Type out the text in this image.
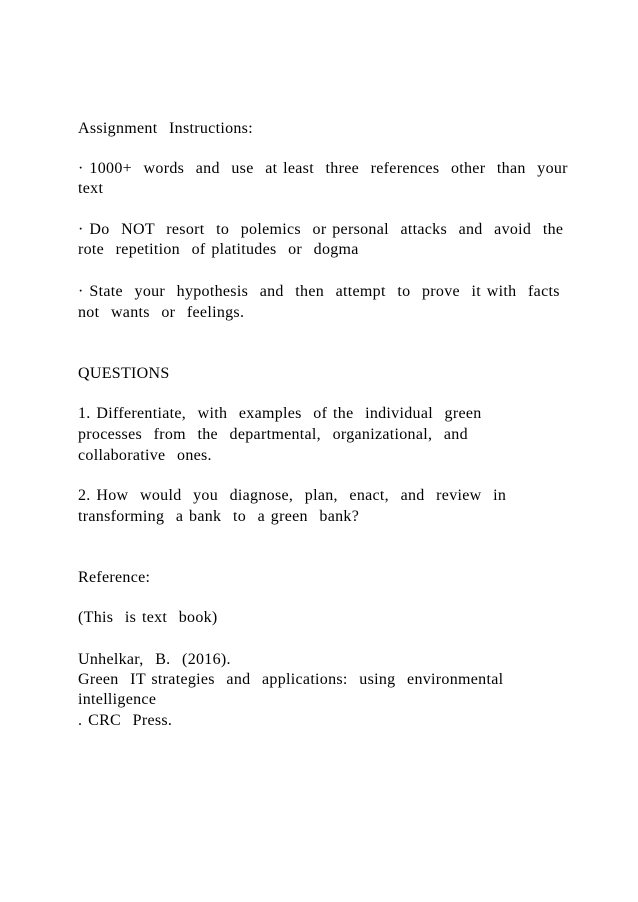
Assignment  Instructions:

· 1000+  words  and  use  at least  three  references  other  than  your

text

· Do  NOT  resort  to  polemics  or personal  attacks  and  avoid  the

rote  repetition  of platitudes  or  dogma

· State  your  hypothesis  and  then  attempt  to  prove  it with  facts

not  wants  or  feelings.

QUESTIONS

1. Differentiate,  with  examples  of the  individual  green

processes  from  the  departmental,  organizational,  and

collaborative  ones.

2. How  would  you  diagnose,  plan,  enact,  and  review  in

transforming  a bank  to  a green  bank?

Reference:

(This  is text  book)

Unhelkar,  B.  (2016).

Green  IT strategies  and  applications:  using  environmental

intelligence

. CRC  Press.
